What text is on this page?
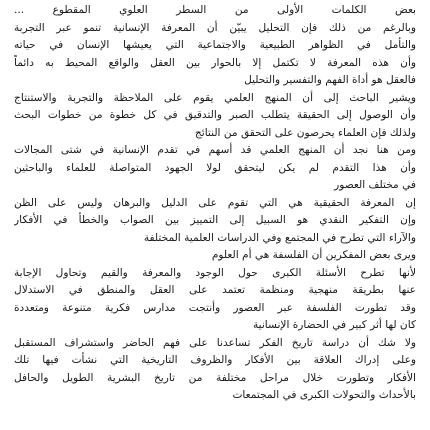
بعض الكلمات الأولى من السطر العلوي المقطوع ...
وبالرغم من ذلك فإن التحليل يبيّن أن المعرفة الإنسانية تنمو عبر التجربة
والتأمل في الظواهر الطبيعية والاجتماعية التي يعيشها الإنسان في حياته
وأن هذه المعرفة لا تكتمل إلا بالحوار بين العقل والواقع المحيط به دائماً
فالعقل هو أداة الفهم والتفسير والتحليل
ويشير الباحث إلى أن المنهج العلمي يقوم على الملاحظة والتجربة والاستنتاج
وأن الوصول إلى الحقيقة يتطلب الصبر والتدقيق في كل خطوة من خطوات البحث
ولذلك فإن العلماء يحرصون على التحقق من النتائج
ومن هنا نجد أن المنهج العلمي قد أسهم في تقدم الإنسانية في شتى المجالات
وأن هذا التقدم لم يكن ليتحقق لولا الجهود المتواصلة للعلماء والباحثين
في مختلف العصور
إن المعرفة الحقيقية هي التي تقوم على الدليل والبرهان وليس على الظن
وإن التفكير النقدي هو السبيل إلى التمييز بين الصواب والخطأ في الأفكار
والآراء التي تطرح في المجتمع وفي الدراسات العلمية المختلفة
ويرى بعض المفكرين أن الفلسفة هي أم العلوم
لأنها تطرح الأسئلة الكبرى حول الوجود والمعرفة والقيم وتحاول الإجابة
عنها بطريقة منهجية ومنظمة تعتمد على العقل والمنطق في الاستدلال
وقد تطورت الفلسفة عبر العصور وأنتجت مدارس فكرية متنوعة ومتعددة
كان لها أثر كبير في الحضارة الإنسانية
ولا شك أن دراسة تاريخ الفكر تساعدنا على فهم الحاضر واستشراف المستقبل
وعلى إدراك العلاقة بين الأفكار والظروف التاريخية التي نشأت فيها تلك
الأفكار وتطورت خلال مراحل مختلفة من تاريخ البشرية الطويل والحافل
بالأحداث والتحولات الكبرى في المجتمعات
